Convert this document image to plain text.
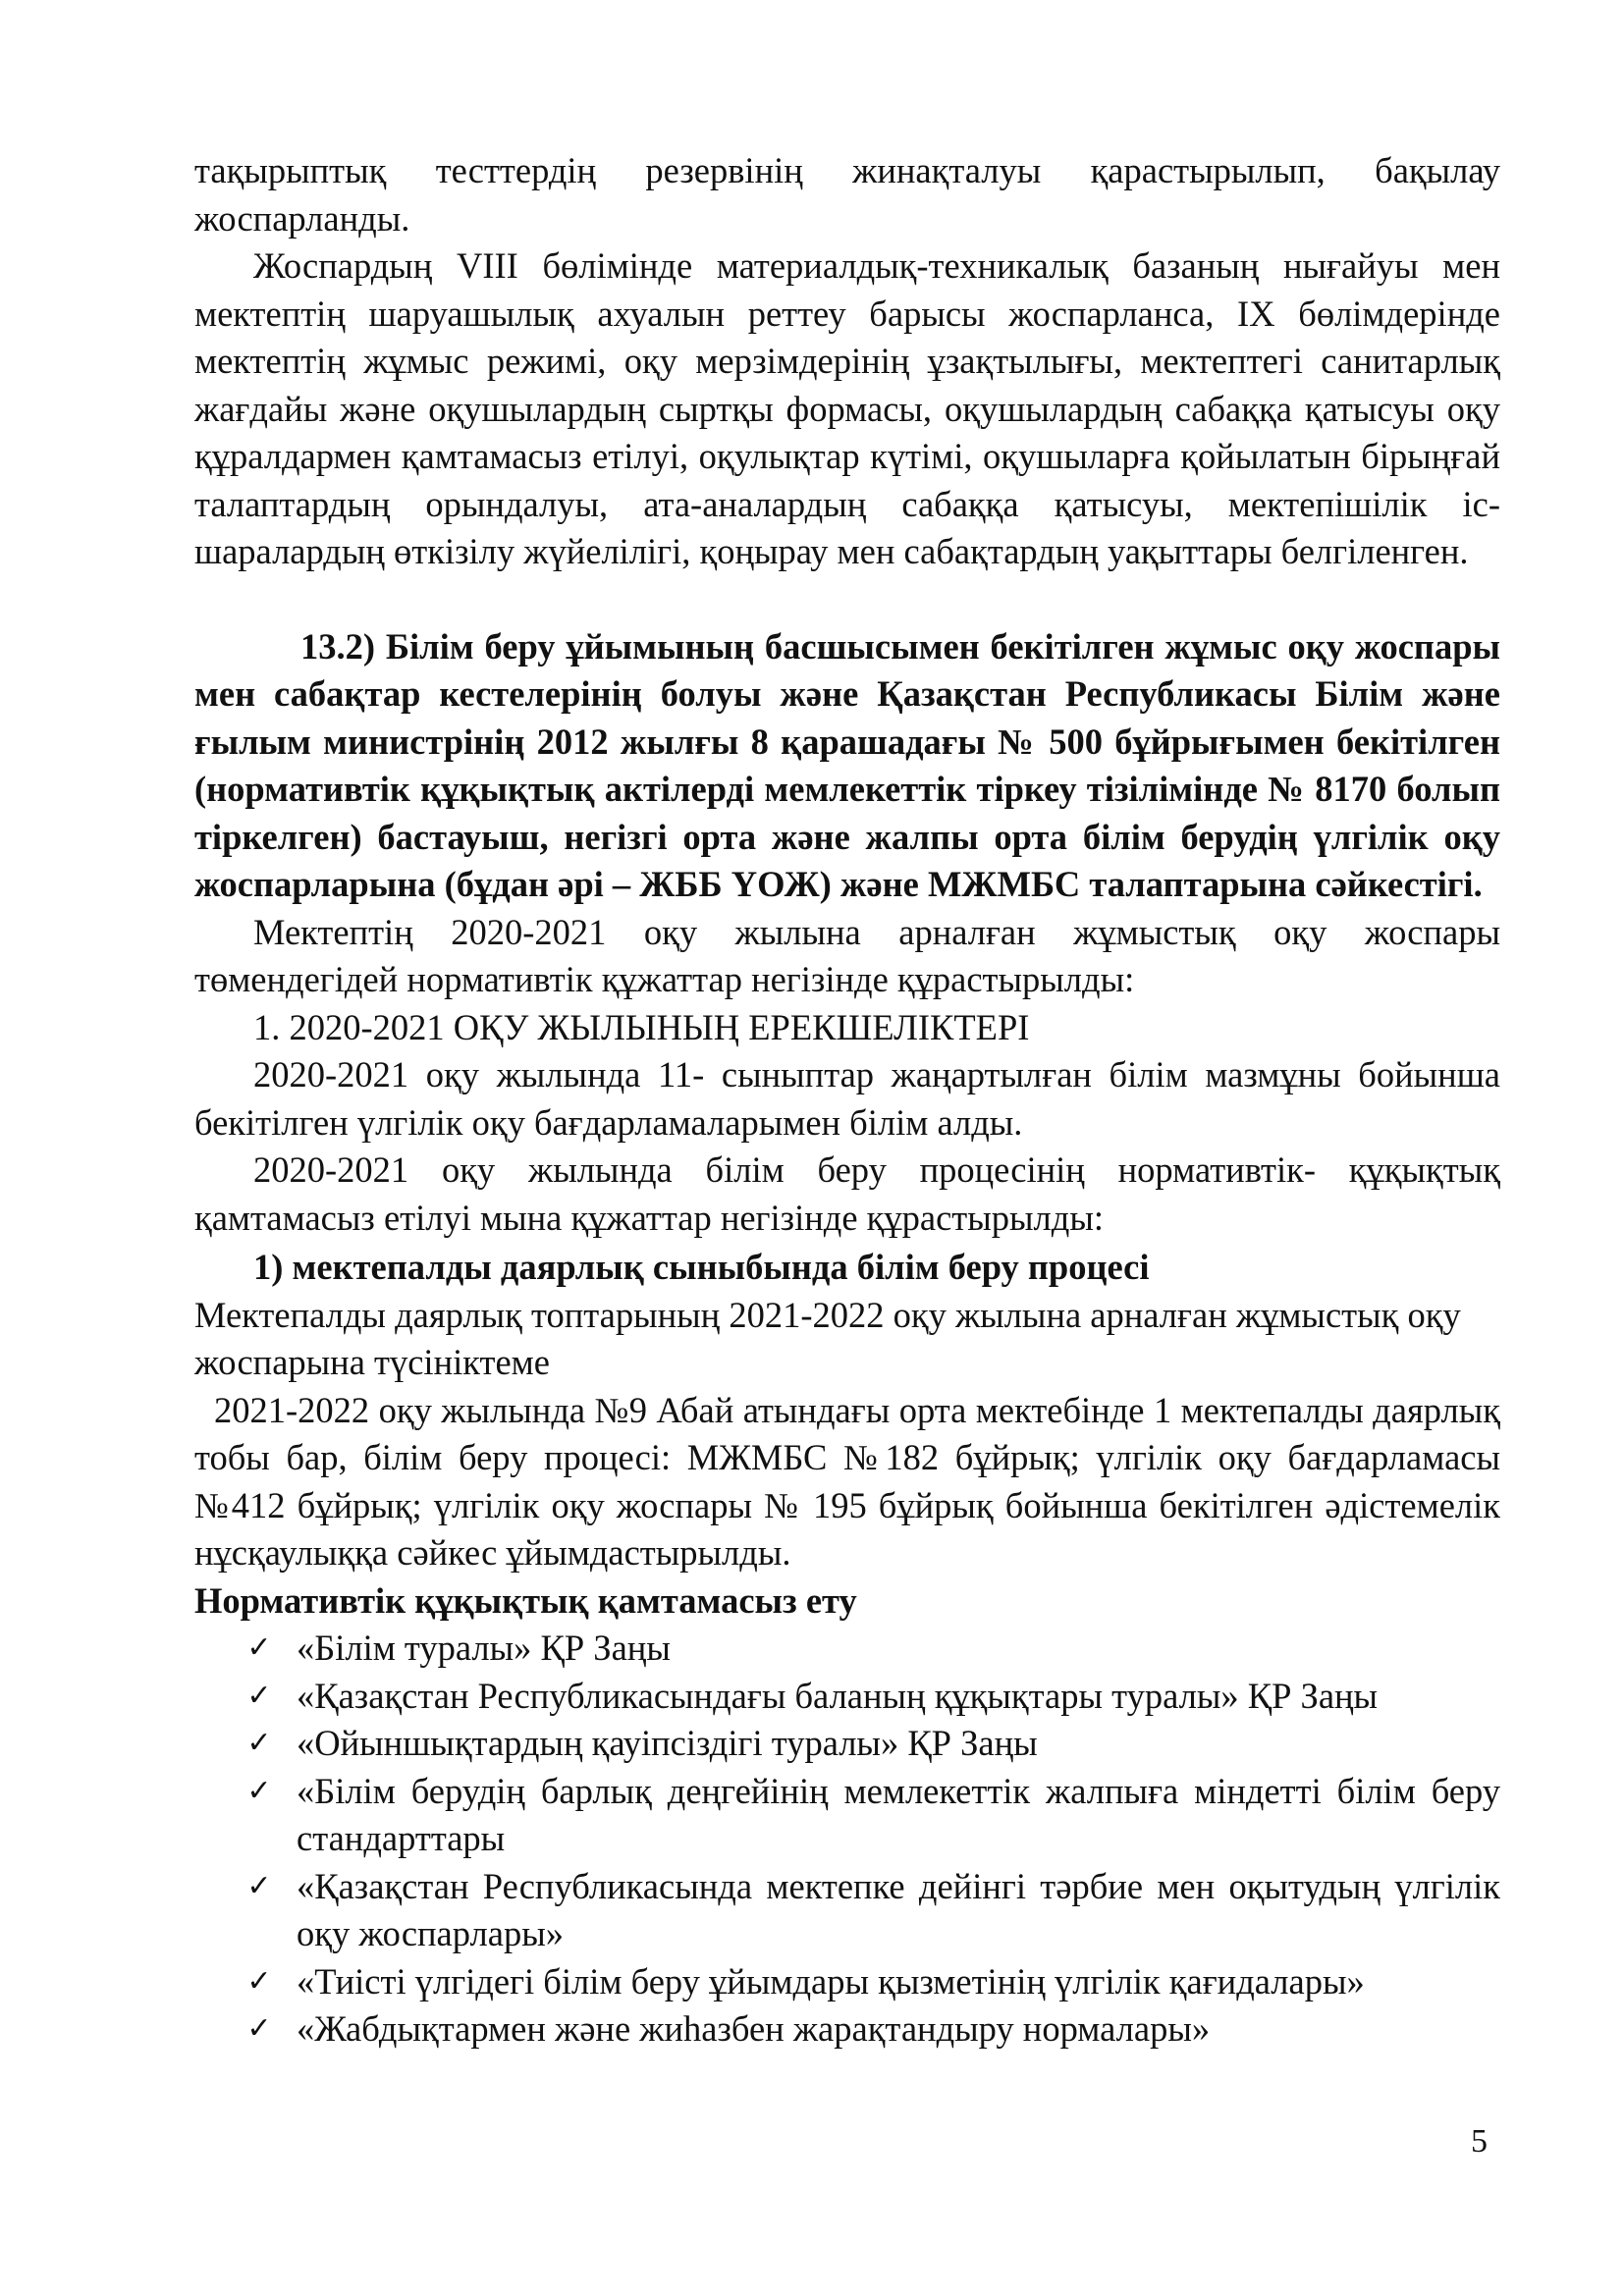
тақырыптық тесттердің резервінің жинақталуы қарастырылып, бақылау жоспарланды.

Жоспардың VIII бөлімінде материалдық-техникалық базаның нығайуы мен мектептің шаруашылық ахуалын реттеу барысы жоспарланса, IX бөлімдерінде мектептің жұмыс режимі, оқу мерзімдерінің ұзақтылығы, мектептегі санитарлық жағдайы және оқушылардың сыртқы формасы, оқушылардың сабаққа қатысуы оқу құралдармен қамтамасыз етілуі, оқулықтар күтімі, оқушыларға қойылатын бірыңғай талаптардың орындалуы, ата-аналардың сабаққа қатысуы, мектепішілік іс-шаралардың өткізілу жүйелілігі, қоңырау мен сабақтардың уақыттары белгіленген.

13.2) Білім беру ұйымының басшысымен бекітілген жұмыс оқу жоспары мен сабақтар кестелерінің болуы және Қазақстан Республикасы Білім және ғылым министрінің 2012 жылғы 8 қарашадағы № 500 бұйрығымен бекітілген (нормативтік құқықтық актілерді мемлекеттік тіркеу тізілімінде № 8170 болып тіркелген) бастауыш, негізгі орта және жалпы орта білім берудің үлгілік оқу жоспарларына (бұдан әрі – ЖББ ҮОЖ) және МЖМБС талаптарына сәйкестігі.

Мектептің 2020-2021 оқу жылына арналған жұмыстық оқу жоспары төмендегідей нормативтік құжаттар негізінде құрастырылды:

1. 2020-2021 ОҚУ ЖЫЛЫНЫҢ ЕРЕКШЕЛІКТЕРІ

2020-2021 оқу жылында 11- сыныптар жаңартылған білім мазмұны бойынша бекітілген үлгілік оқу бағдарламаларымен білім алды.

2020-2021 оқу жылында білім беру процесінің нормативтік- құқықтық қамтамасыз етілуі мына құжаттар негізінде құрастырылды:

1) мектепалды даярлық сыныбында білім беру процесі

Мектепалды даярлық топтарының 2021-2022 оқу жылына арналған жұмыстық оқу жоспарына түсініктеме

2021-2022 оқу жылында №9 Абай атындағы орта мектебінде 1 мектепалды даярлық тобы бар, білім беру процесі: МЖМБС №182 бұйрық; үлгілік оқу бағдарламасы №412 бұйрық; үлгілік оқу жоспары № 195 бұйрық бойынша бекітілген әдістемелік нұсқаулыққа сәйкес ұйымдастырылды.

Нормативтік құқықтық қамтамасыз ету

✓ «Білім туралы» ҚР Заңы
✓ «Қазақстан Республикасындағы баланың құқықтары туралы» ҚР Заңы
✓ «Ойыншықтардың қауіпсіздігі туралы» ҚР Заңы
✓ «Білім берудің барлық деңгейінің мемлекеттік жалпыға міндетті білім беру стандарттары
✓ «Қазақстан Республикасында мектепке дейінгі тәрбие мен оқытудың үлгілік оқу жоспарлары»
✓ «Тиісті үлгідегі білім беру ұйымдары қызметінің үлгілік қағидалары»
✓ «Жабдықтармен және жиһазбен жарақтандыру нормалары»
5
